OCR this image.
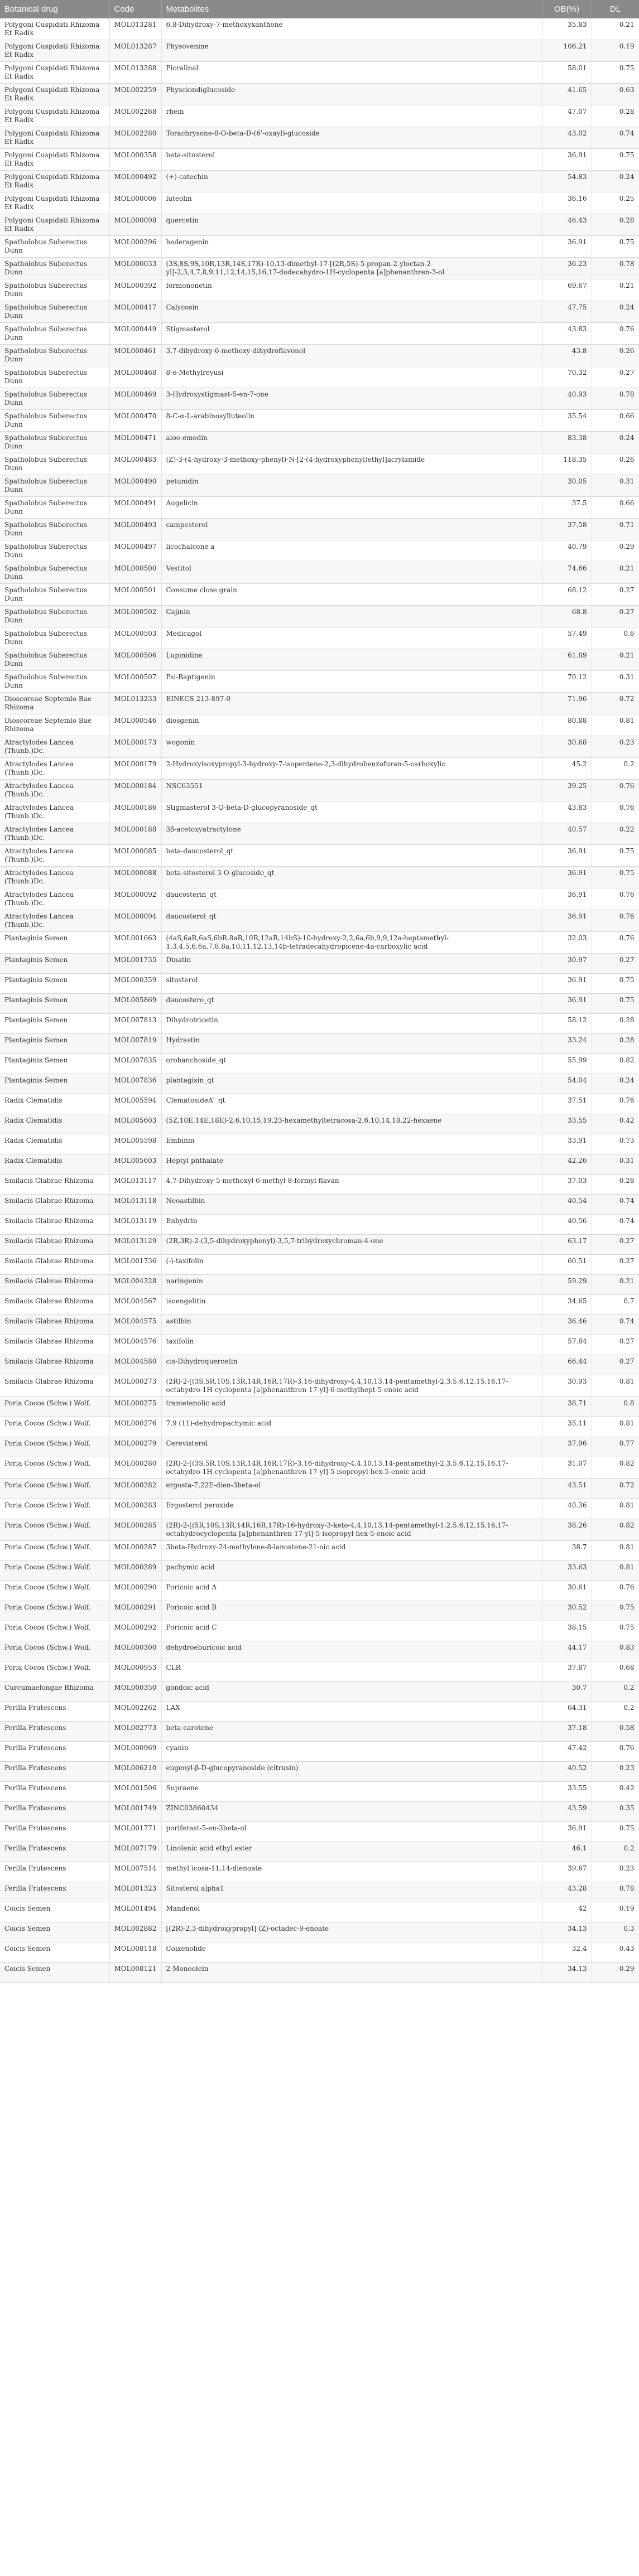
Botanical drug	Code	Metabolites	OB(%)	DL
Polygoni Cuspidati Rhizoma Et Radix	MOL013281	6,8-Dihydroxy-7-methoxyxanthone	35.83	0.21
Polygoni Cuspidati Rhizoma Et Radix	MOL013287	Physovenine	106.21	0.19
Polygoni Cuspidati Rhizoma Et Radix	MOL013288	Picralinal	58.01	0.75
Polygoni Cuspidati Rhizoma Et Radix	MOL002259	Physciondiglucoside	41.65	0.63
Polygoni Cuspidati Rhizoma Et Radix	MOL002268	rhein	47.07	0.28
Polygoni Cuspidati Rhizoma Et Radix	MOL002280	Torachrysone-8-O-beta-D-(6'-oxayl)-glucoside	43.02	0.74
Polygoni Cuspidati Rhizoma Et Radix	MOL000358	beta-sitosterol	36.91	0.75
Polygoni Cuspidati Rhizoma Et Radix	MOL000492	(+)-catechin	54.83	0.24
Polygoni Cuspidati Rhizoma Et Radix	MOL000006	luteolin	36.16	0.25
Polygoni Cuspidati Rhizoma Et Radix	MOL000098	quercetin	46.43	0.28
Spatholobus Suberectus Dunn	MOL000296	hederagenin	36.91	0.75
Spatholobus Suberectus Dunn	MOL000033	(3S,8S,9S,10R,13R,14S,17R)-10,13-dimethyl-17-[(2R,5S)-5-propan-2-yloctan-2-yl]-2,3,4,7,8,9,11,12,14,15,16,17-dodecahydro-1H-cyclopenta [a]phenanthren-3-ol	36.23	0.78
Spatholobus Suberectus Dunn	MOL000392	formononetin	69.67	0.21
Spatholobus Suberectus Dunn	MOL000417	Calycosin	47.75	0.24
Spatholobus Suberectus Dunn	MOL000449	Stigmasterol	43.83	0.76
Spatholobus Suberectus Dunn	MOL000461	3,7-dihydroxy-6-methoxy-dihydroflavonol	43.8	0.26
Spatholobus Suberectus Dunn	MOL000468	8-o-Methylreyusi	70.32	0.27
Spatholobus Suberectus Dunn	MOL000469	3-Hydroxystigmast-5-en-7-one	40.93	0.78
Spatholobus Suberectus Dunn	MOL000470	8-C-α-L-arabinosylluteolin	35.54	0.66
Spatholobus Suberectus Dunn	MOL000471	aloe-emodin	83.38	0.24
Spatholobus Suberectus Dunn	MOL000483	(Z)-3-(4-hydroxy-3-methoxy-phenyl)-N-[2-(4-hydroxyphenyl)ethyl]acrylamide	118.35	0.26
Spatholobus Suberectus Dunn	MOL000490	petunidin	30.05	0.31
Spatholobus Suberectus Dunn	MOL000491	Augelicin	37.5	0.66
Spatholobus Suberectus Dunn	MOL000493	campesterol	37.58	0.71
Spatholobus Suberectus Dunn	MOL000497	licochalcone a	40.79	0.29
Spatholobus Suberectus Dunn	MOL000500	Vestitol	74.66	0.21
Spatholobus Suberectus Dunn	MOL000501	Consume close grain	68.12	0.27
Spatholobus Suberectus Dunn	MOL000502	Cajinin	68.8	0.27
Spatholobus Suberectus Dunn	MOL000503	Medicagol	57.49	0.6
Spatholobus Suberectus Dunn	MOL000506	Lupinidine	61.89	0.21
Spatholobus Suberectus Dunn	MOL000507	Psi-Baptigenin	70.12	0.31
Dioscoreae Septemlo Bae Rhizoma	MOL013233	EINECS 213-897-0	71.96	0.72
Dioscoreae Septemlo Bae Rhizoma	MOL000546	diosgenin	80.88	0.81
Atractylodes Lancea (Thunb.)Dc.	MOL000173	wogonin	30.68	0.23
Atractylodes Lancea (Thunb.)Dc.	MOL000179	2-Hydroxyisoxypropyl-3-hydroxy-7-isopentene-2,3-dihydrobenzofuran-5-carboxylic	45.2	0.2
Atractylodes Lancea (Thunb.)Dc.	MOL000184	NSC63551	39.25	0.76
Atractylodes Lancea (Thunb.)Dc.	MOL000186	Stigmasterol 3-O-beta-D-glucopyranoside_qt	43.83	0.76
Atractylodes Lancea (Thunb.)Dc.	MOL000188	3β-acetoxyatractylone	40.57	0.22
Atractylodes Lancea (Thunb.)Dc.	MOL000085	beta-daucosterol_qt	36.91	0.75
Atractylodes Lancea (Thunb.)Dc.	MOL000088	beta-sitosterol 3-O-glucoside_qt	36.91	0.75
Atractylodes Lancea (Thunb.)Dc.	MOL000092	daucosterin_qt	36.91	0.76
Atractylodes Lancea (Thunb.)Dc.	MOL000094	daucosterol_qt	36.91	0.76
Plantaginis Semen	MOL001663	(4aS,6aR,6aS,6bR,8aR,10R,12aR,14bS)-10-hydroxy-2,2,6a,6b,9,9,12a-heptamethyl-1,3,4,5,6,6a,7,8,8a,10,11,12,13,14b-tetradecahydropicene-4a-carboxylic acid	32.03	0.76
Plantaginis Semen	MOL001735	Dinatin	30.97	0.27
Plantaginis Semen	MOL000359	sitosterol	36.91	0.75
Plantaginis Semen	MOL005869	daucostero_qt	36.91	0.75
Plantaginis Semen	MOL007813	Dihydrotricetin	58.12	0.28
Plantaginis Semen	MOL007819	Hydrastin	33.24	0.28
Plantaginis Semen	MOL007835	orobanchoside_qt	55.99	0.82
Plantaginis Semen	MOL007836	plantagisin_qt	54.04	0.24
Radix Clematidis	MOL005594	ClematosideA'_qt	37.51	0.76
Radix Clematidis	MOL005603	(5Z,10E,14E,18E)-2,6,10,15,19,23-hexamethyltetracosa-2,6,10,14,18,22-hexaene	33.55	0.42
Radix Clematidis	MOL005598	Embinin	33.91	0.73
Radix Clematidis	MOL005603	Heptyl phthalate	42.26	0.31
Smilacis Glabrae Rhizoma	MOL013117	4,7-Dihydroxy-5-methoxyl-6-methyl-8-formyl-flavan	37.03	0.28
Smilacis Glabrae Rhizoma	MOL013118	Neoastilbin	40.54	0.74
Smilacis Glabrae Rhizoma	MOL013119	Enhydrin	40.56	0.74
Smilacis Glabrae Rhizoma	MOL013129	(2R,3R)-2-(3,5-dihydroxyphenyl)-3,5,7-trihydroxychroman-4-one	63.17	0.27
Smilacis Glabrae Rhizoma	MOL001736	(-)-taxifolin	60.51	0.27
Smilacis Glabrae Rhizoma	MOL004328	naringenin	59.29	0.21
Smilacis Glabrae Rhizoma	MOL004567	isoengelitin	34.65	0.7
Smilacis Glabrae Rhizoma	MOL004575	astilbin	36.46	0.74
Smilacis Glabrae Rhizoma	MOL004576	taxifolin	57.84	0.27
Smilacis Glabrae Rhizoma	MOL004580	cis-Dihydroquercetin	66.44	0.27
Smilacis Glabrae Rhizoma	MOL000273	(2R)-2-[(3S,5R,10S,13R,14R,16R,17R)-3,16-dihydroxy-4,4,10,13,14-pentamethyl-2,3,5,6,12,15,16,17-octahydro-1H-cyclopenta [a]phenanthren-17-yl]-6-methylhept-5-enoic acid	30.93	0.81
Poria Cocos (Schw.) Wolf.	MOL000275	trametenolic acid	38.71	0.8
Poria Cocos (Schw.) Wolf.	MOL000276	7,9 (11)-dehydropachymic acid	35.11	0.81
Poria Cocos (Schw.) Wolf.	MOL000279	Cerevisterol	37.96	0.77
Poria Cocos (Schw.) Wolf.	MOL000280	(2R)-2-[(3S,5R,10S,13R,14R,16R,17R)-3,16-dihydroxy-4,4,10,13,14-pentamethyl-2,3,5,6,12,15,16,17-octahydro-1H-cyclopenta [a]phenanthren-17-yl]-5-isopropyl-hex-5-enoic acid	31.07	0.82
Poria Cocos (Schw.) Wolf.	MOL000282	ergosta-7,22E-dien-3beta-ol	43.51	0.72
Poria Cocos (Schw.) Wolf.	MOL000283	Ergosterol peroxide	40.36	0.81
Poria Cocos (Schw.) Wolf.	MOL000285	(2R)-2-[(5R,10S,13R,14R,16R,17R)-16-hydroxy-3-keto-4,4,10,13,14-pentamethyl-1,2,5,6,12,15,16,17-octahydrocyclopenta [a]phenanthren-17-yl]-5-isopropyl-hex-5-enoic acid	38.26	0.82
Poria Cocos (Schw.) Wolf.	MOL000287	3beta-Hydroxy-24-methylene-8-lanostene-21-oic acid	38.7	0.81
Poria Cocos (Schw.) Wolf.	MOL000289	pachymic acid	33.63	0.81
Poria Cocos (Schw.) Wolf.	MOL000290	Poricoic acid A	30.61	0.76
Poria Cocos (Schw.) Wolf.	MOL000291	Poricoic acid B	30.52	0.75
Poria Cocos (Schw.) Wolf.	MOL000292	Poricoic acid C	38.15	0.75
Poria Cocos (Schw.) Wolf.	MOL000300	dehydroeburicoic acid	44.17	0.83
Poria Cocos (Schw.) Wolf.	MOL000953	CLR	37.87	0.68
Curcumaelongae Rhizoma	MOL000350	gondoic acid	30.7	0.2
Perilla Frutescens	MOL002262	LAX	64.31	0.2
Perilla Frutescens	MOL002773	beta-carotene	37.18	0.58
Perilla Frutescens	MOL000969	cyanin	47.42	0.76
Perilla Frutescens	MOL006210	eugenyl-β-D-glucopyranoside (citrusin)	40.52	0.23
Perilla Frutescens	MOL001506	Supraene	33.55	0.42
Perilla Frutescens	MOL001749	ZINC03860434	43.59	0.35
Perilla Frutescens	MOL001771	poriferast-5-en-3beta-ol	36.91	0.75
Perilla Frutescens	MOL007179	Linolenic acid ethyl ester	46.1	0.2
Perilla Frutescens	MOL007514	methyl icosa-11,14-dienoate	39.67	0.23
Perilla Frutescens	MOL001323	Sitosterol alpha1	43.28	0.78
Coicis Semen	MOL001494	Mandenol	42	0.19
Coicis Semen	MOL002882	[(2R)-2,3-dihydroxypropyl] (Z)-octadec-9-enoate	34.13	0.3
Coicis Semen	MOL008118	Coixenolide	32.4	0.43
Coicis Semen	MOL008121	2-Monoolein	34.13	0.29
